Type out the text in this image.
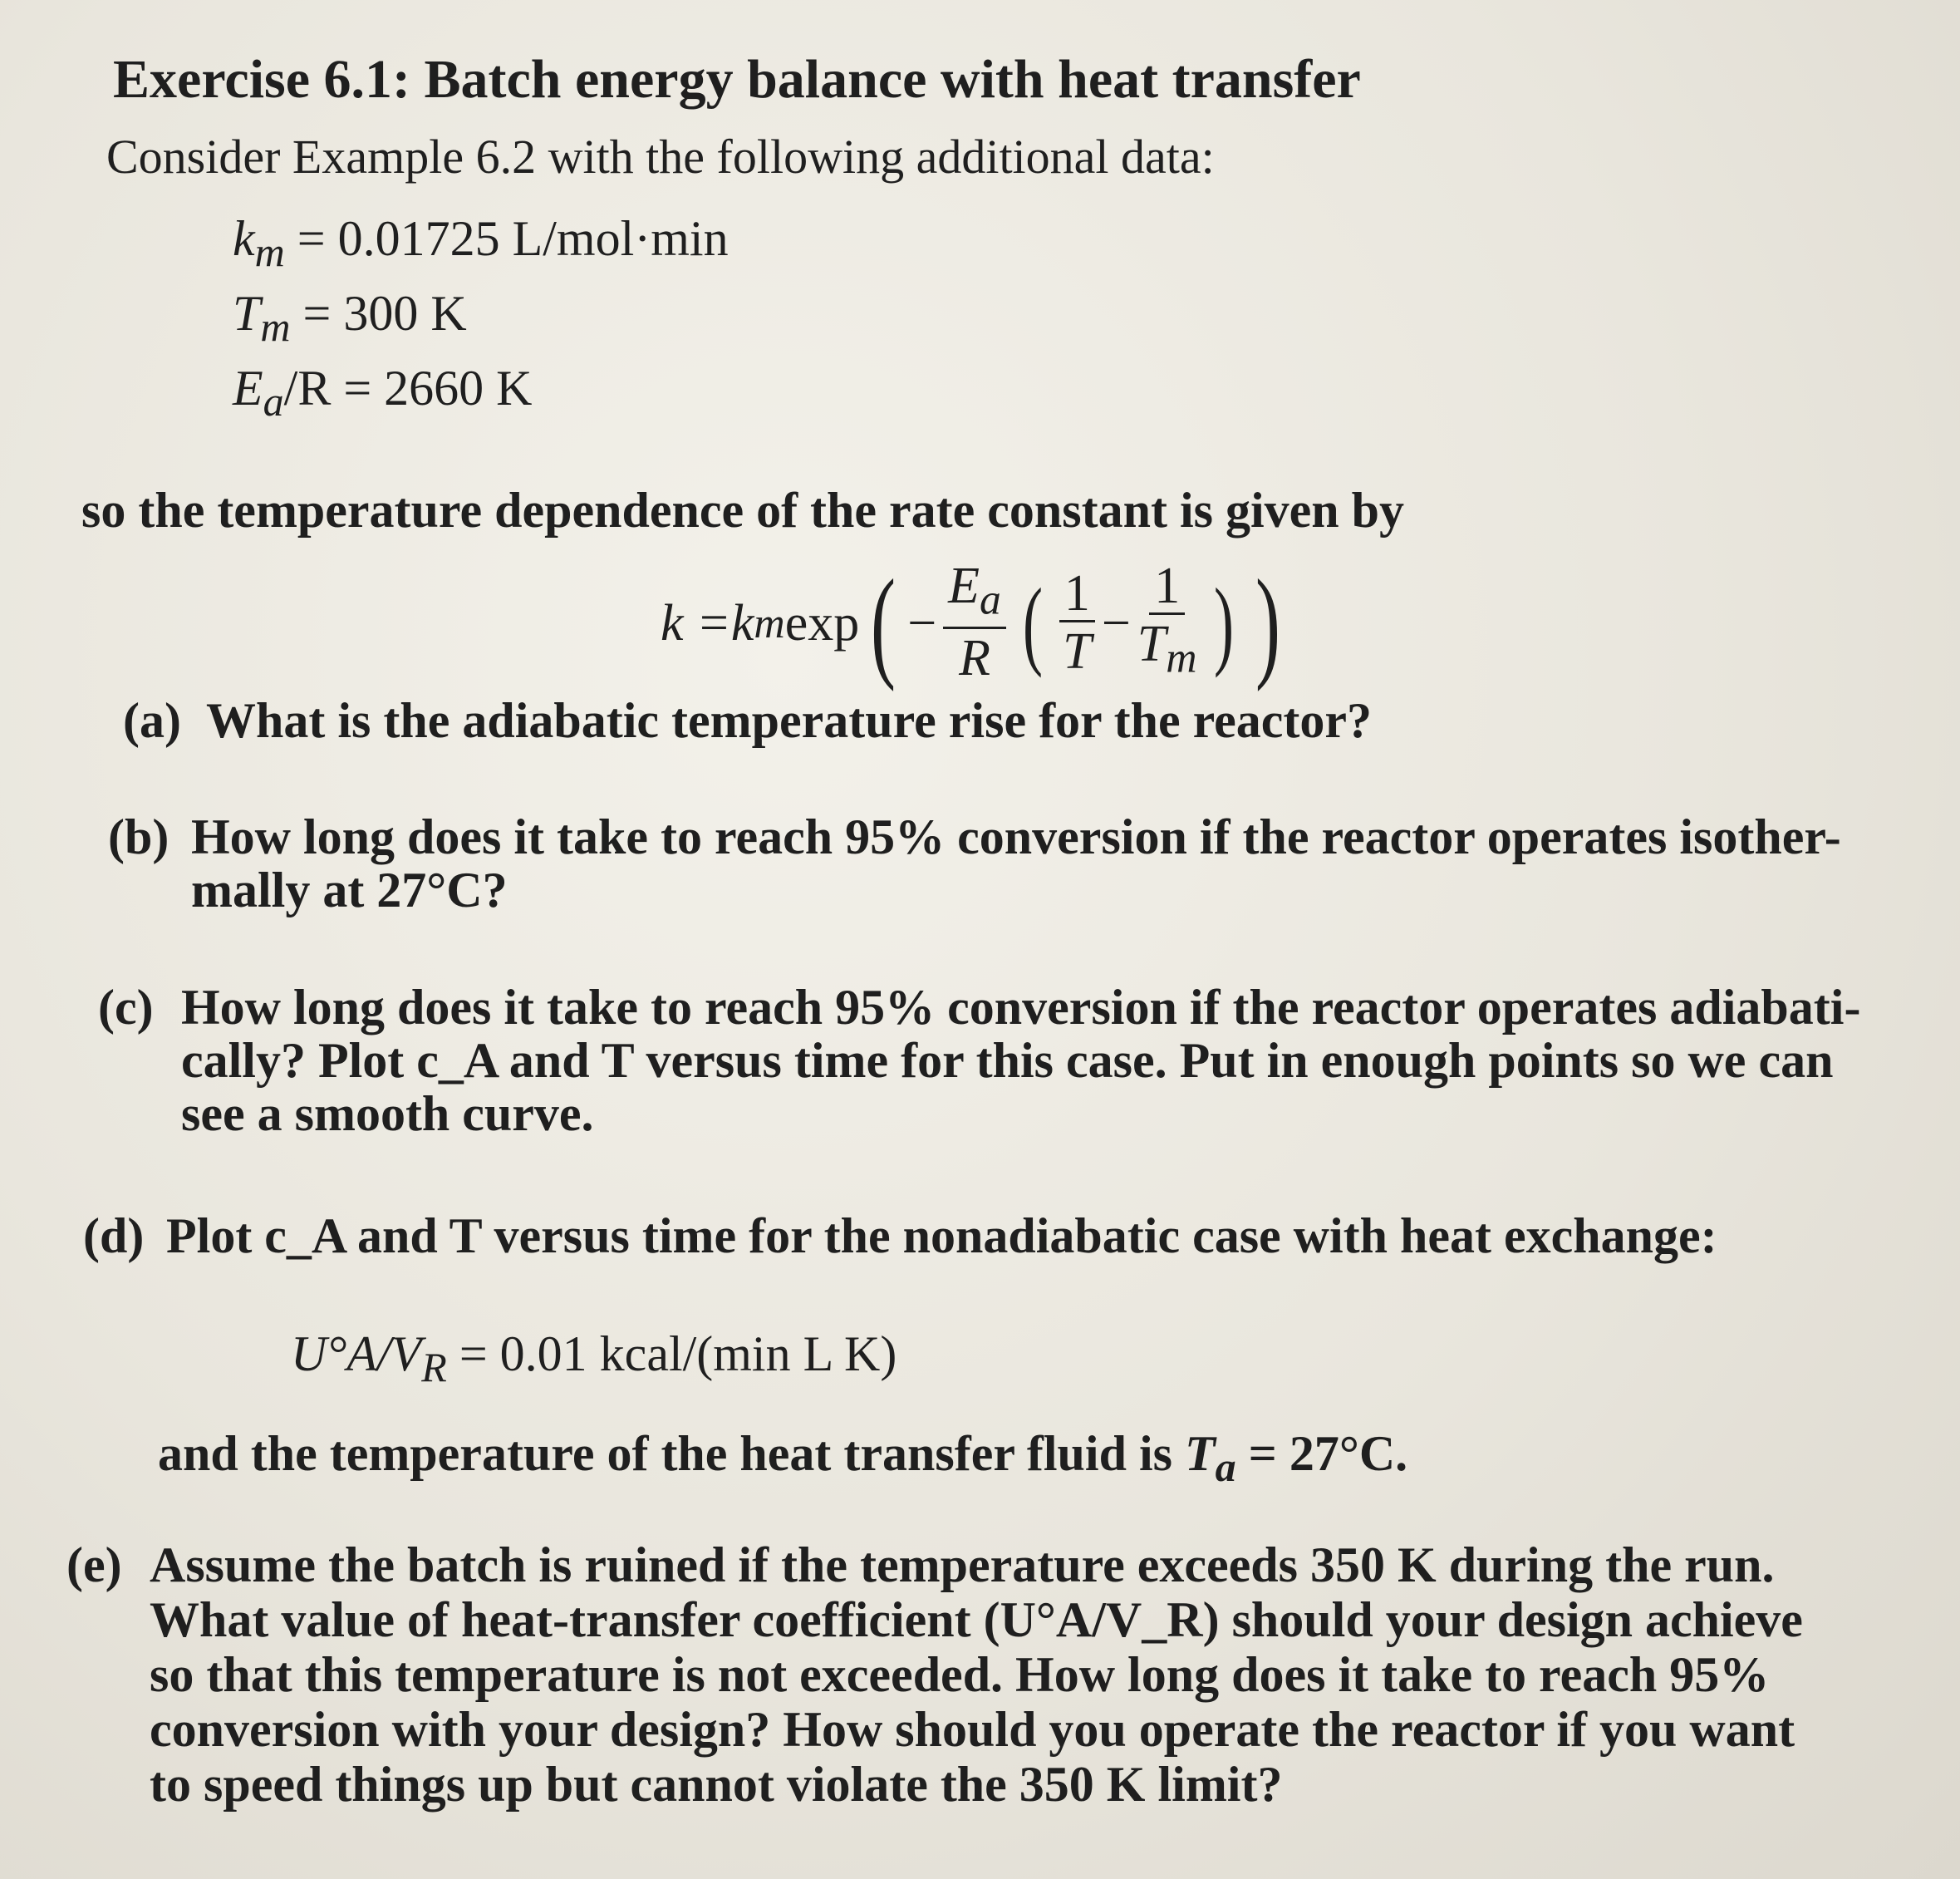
Exercise 6.1: Batch energy balance with heat transfer
Consider Example 6.2 with the following additional data:
$k_m = 0.01725$ L/mol·min
$T_m = 300$ K
$E_a/R = 2660$ K
so the temperature dependence of the rate constant is given by
k = k m exp ( − $\frac{E_a}{R}$ ( $\frac{1}{T} - \frac{1}{T_m}$ ) )
(a) What is the adiabatic temperature rise for the reactor?
(b) How long does it take to reach 95% conversion if the reactor operates isother-
mally at 27°C?
(c) How long does it take to reach 95% conversion if the reactor operates adiabati-
cally? Plot c_A and T versus time for this case. Put in enough points so we can
see a smooth curve.
(d) Plot c_A and T versus time for the nonadiabatic case with heat exchange:
$U^\circ A/V_R = 0.01$ kcal/(min L K)
and the temperature of the heat transfer fluid is $T_a = 27^\circ C$.
(e) Assume the batch is ruined if the temperature exceeds 350 K during the run.
What value of heat-transfer coefficient (U°A/V_R) should your design achieve
so that this temperature is not exceeded. How long does it take to reach 95%
conversion with your design? How should you operate the reactor if you want
to speed things up but cannot violate the 350 K limit?
